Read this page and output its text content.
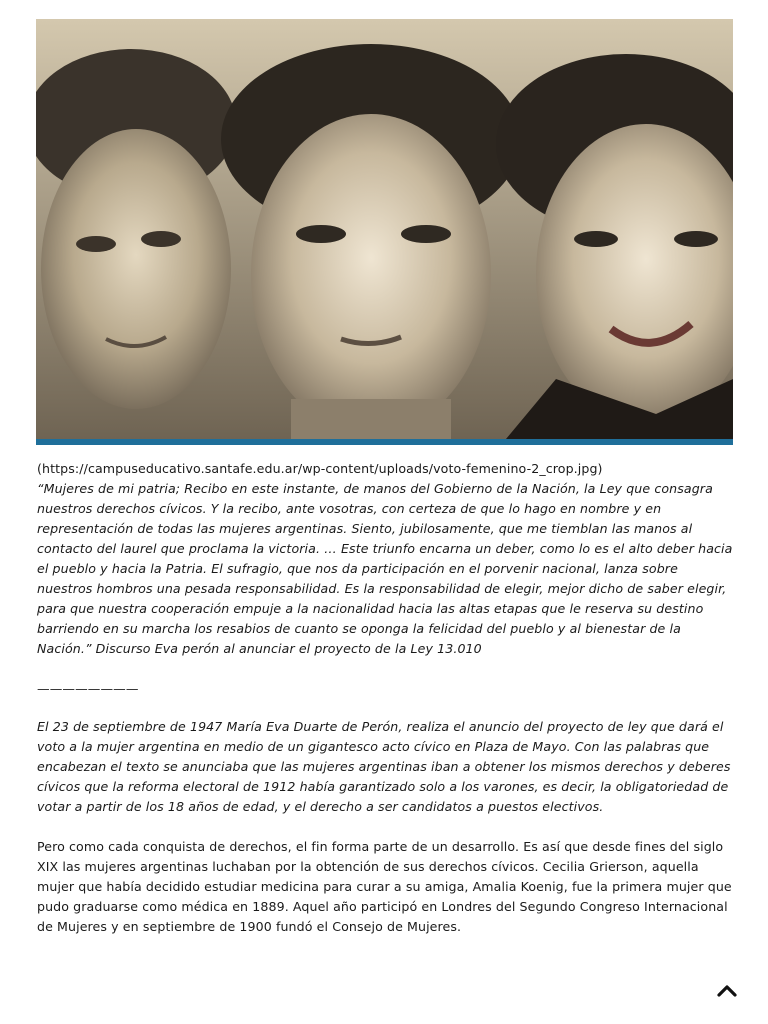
(https://campuseducativo.santafe.edu.ar/wp-content/uploads/voto-femenino-2_crop.jpg)

“Mujeres de mi patria; Recibo en este instante, de manos del Gobierno de la Nación, la Ley que consagra nuestros derechos cívicos. Y la recibo, ante vosotras, con certeza de que lo hago en nombre y en representación de todas las mujeres argentinas. Siento, jubilosamente, que me tiemblan las manos al contacto del laurel que proclama la victoria. … Este triunfo encarna un deber, como lo es el alto deber hacia el pueblo y hacia la Patria. El sufragio, que nos da participación en el porvenir nacional, lanza sobre nuestros hombros una pesada responsabilidad. Es la responsabilidad de elegir, mejor dicho de saber elegir, para que nuestra cooperación empuje a la nacionalidad hacia las altas etapas que le reserva su destino barriendo en su marcha los resabios de cuanto se oponga la felicidad del pueblo y al bienestar de la Nación.” Discurso Eva perón al anunciar el proyecto de la Ley 13.010

————————

El 23 de septiembre de 1947 María Eva Duarte de Perón, realiza el anuncio del proyecto de ley que dará el voto a la mujer argentina en medio de un gigantesco acto cívico en Plaza de Mayo. Con las palabras que encabezan el texto se anunciaba que las mujeres argentinas iban a obtener los mismos derechos y deberes cívicos que la reforma electoral de 1912 había garantizado solo a los varones, es decir, la obligatoriedad de votar a partir de los 18 años de edad, y el derecho a ser candidatos a puestos electivos.

Pero como cada conquista de derechos, el fin forma parte de un desarrollo. Es así que desde fines del siglo XIX las mujeres argentinas luchaban por la obtención de sus derechos cívicos. Cecilia Grierson, aquella mujer que había decidido estudiar medicina para curar a su amiga, Amalia Koenig, fue la primera mujer que pudo graduarse como médica en 1889. Aquel año participó en Londres del Segundo Congreso Internacional de Mujeres y en septiembre de 1900 fundó el Consejo de Mujeres.
